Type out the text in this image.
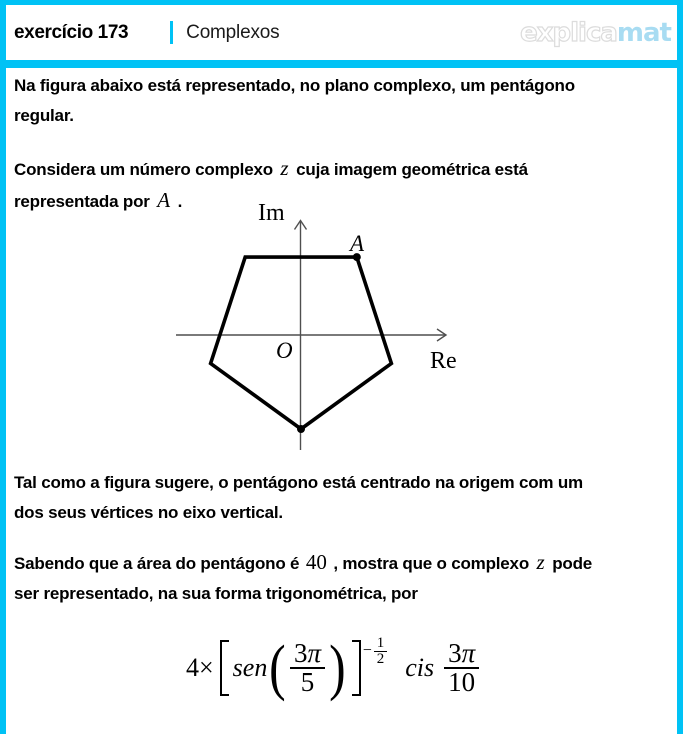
exercício 173	Complexos	explicamat

Na figura abaixo está representado, no plano complexo, um pentágono
regular.

Considera um número complexo z cuja imagem geométrica está
representada por A .	Im
Re
O
A

Tal como a figura sugere, o pentágono está centrado na origem com um
dos seus vértices no eixo vertical.

Sabendo que a área do pentágono é 40 , mostra que o complexo z pode
ser representado, na sua forma trigonométrica, por

4× sen ( $\frac{3\pi}{5}$ ) − $\frac{1}{2}$
cis $\frac{3\pi}{10}$
